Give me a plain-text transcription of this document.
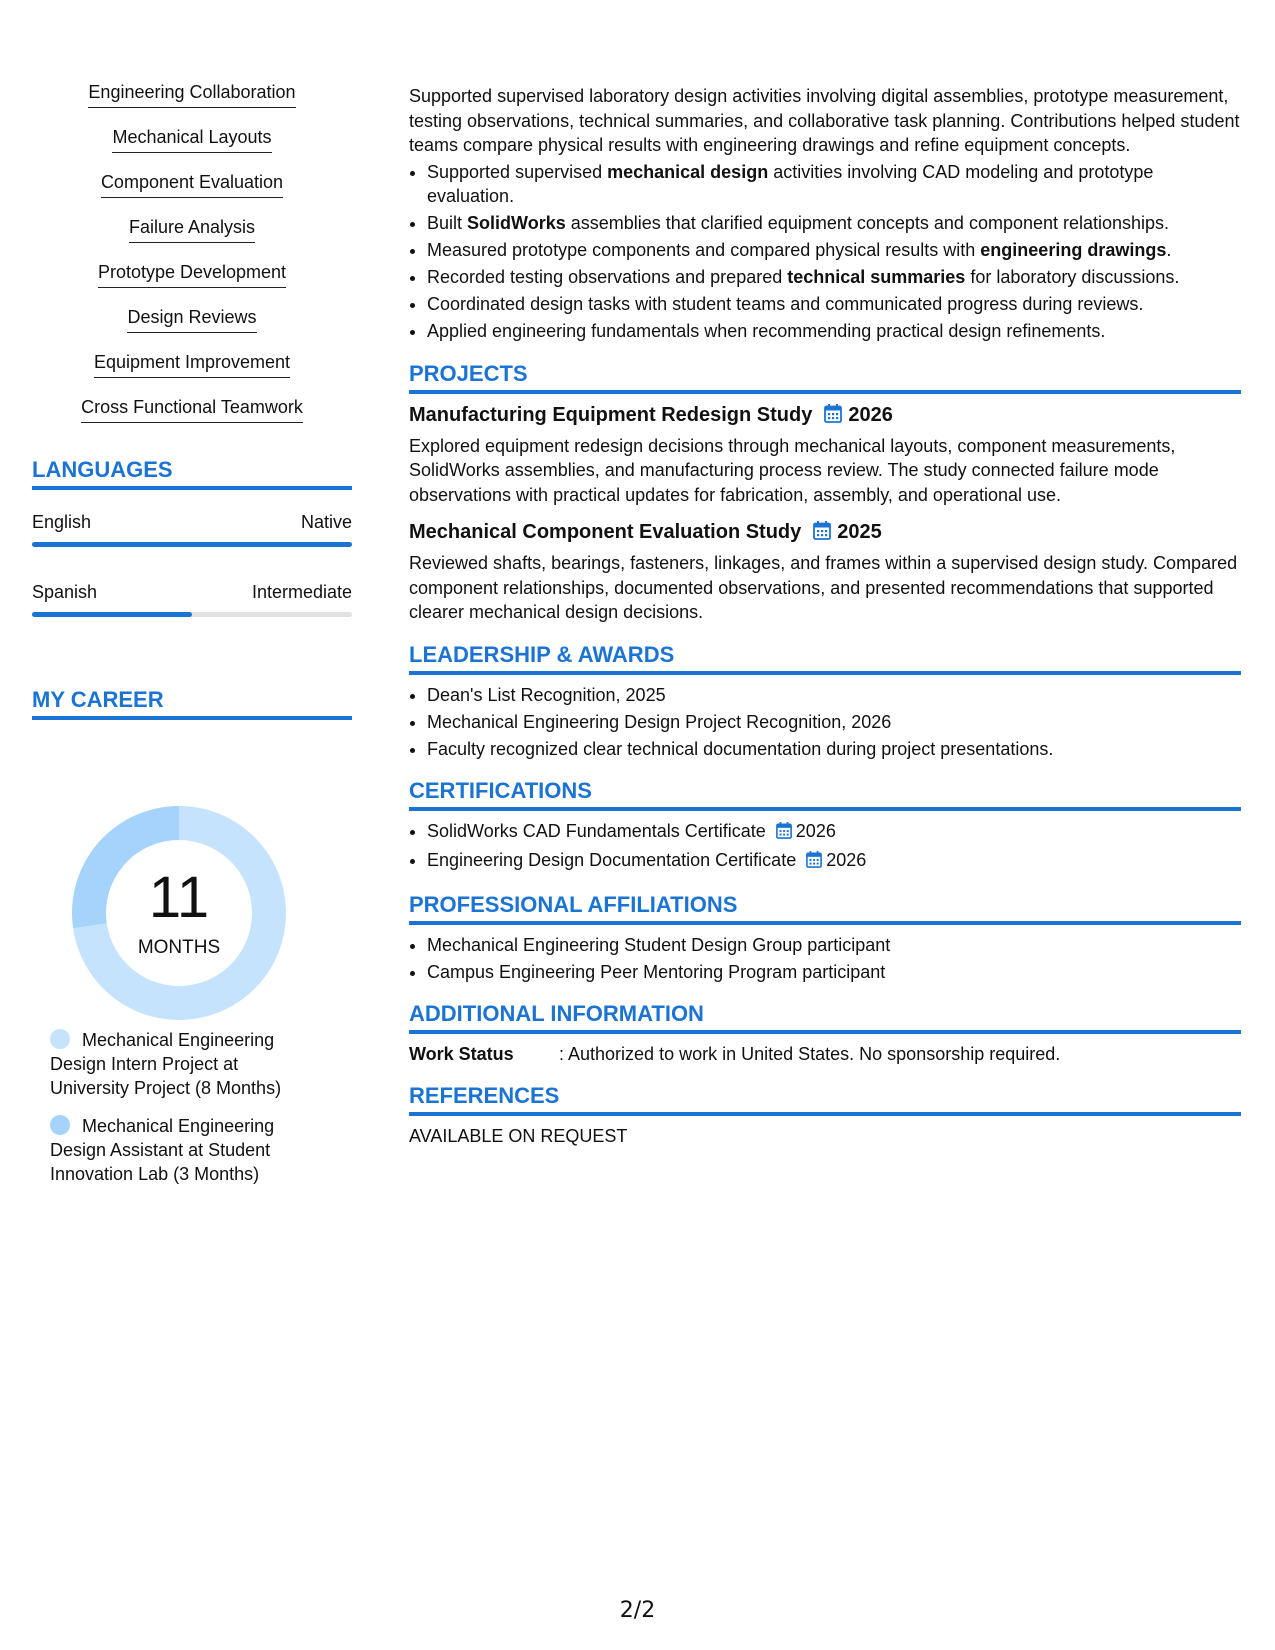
Engineering Collaboration
Mechanical Layouts
Component Evaluation
Failure Analysis
Prototype Development
Design Reviews
Equipment Improvement
Cross Functional Teamwork
LANGUAGES
English	Native
Spanish	Intermediate
MY CAREER
11
MONTHS
Mechanical Engineering Design Intern Project at University Project (8 Months)
Mechanical Engineering Design Assistant at Student Innovation Lab (3 Months)

Supported supervised laboratory design activities involving digital assemblies, prototype measurement, testing observations, technical summaries, and collaborative task planning. Contributions helped student teams compare physical results with engineering drawings and refine equipment concepts.

• Supported supervised mechanical design activities involving CAD modeling and prototype evaluation.
• Built SolidWorks assemblies that clarified equipment concepts and component relationships.
• Measured prototype components and compared physical results with engineering drawings.
• Recorded testing observations and prepared technical summaries for laboratory discussions.
• Coordinated design tasks with student teams and communicated progress during reviews.
• Applied engineering fundamentals when recommending practical design refinements.
PROJECTS
Manufacturing Equipment Redesign Study 2026

Explored equipment redesign decisions through mechanical layouts, component measurements, SolidWorks assemblies, and manufacturing process review. The study connected failure mode observations with practical updates for fabrication, assembly, and operational use.

Mechanical Component Evaluation Study 2025

Reviewed shafts, bearings, fasteners, linkages, and frames within a supervised design study. Compared component relationships, documented observations, and presented recommendations that supported clearer mechanical design decisions.

LEADERSHIP & AWARDS
• Dean's List Recognition, 2025
• Mechanical Engineering Design Project Recognition, 2026
• Faculty recognized clear technical documentation during project presentations.
CERTIFICATIONS
• SolidWorks CAD Fundamentals Certificate 2026
• Engineering Design Documentation Certificate 2026
PROFESSIONAL AFFILIATIONS
• Mechanical Engineering Student Design Group participant
• Campus Engineering Peer Mentoring Program participant
ADDITIONAL INFORMATION
Work Status	: Authorized to work in United States. No sponsorship required.
REFERENCES

AVAILABLE ON REQUEST

2/2
